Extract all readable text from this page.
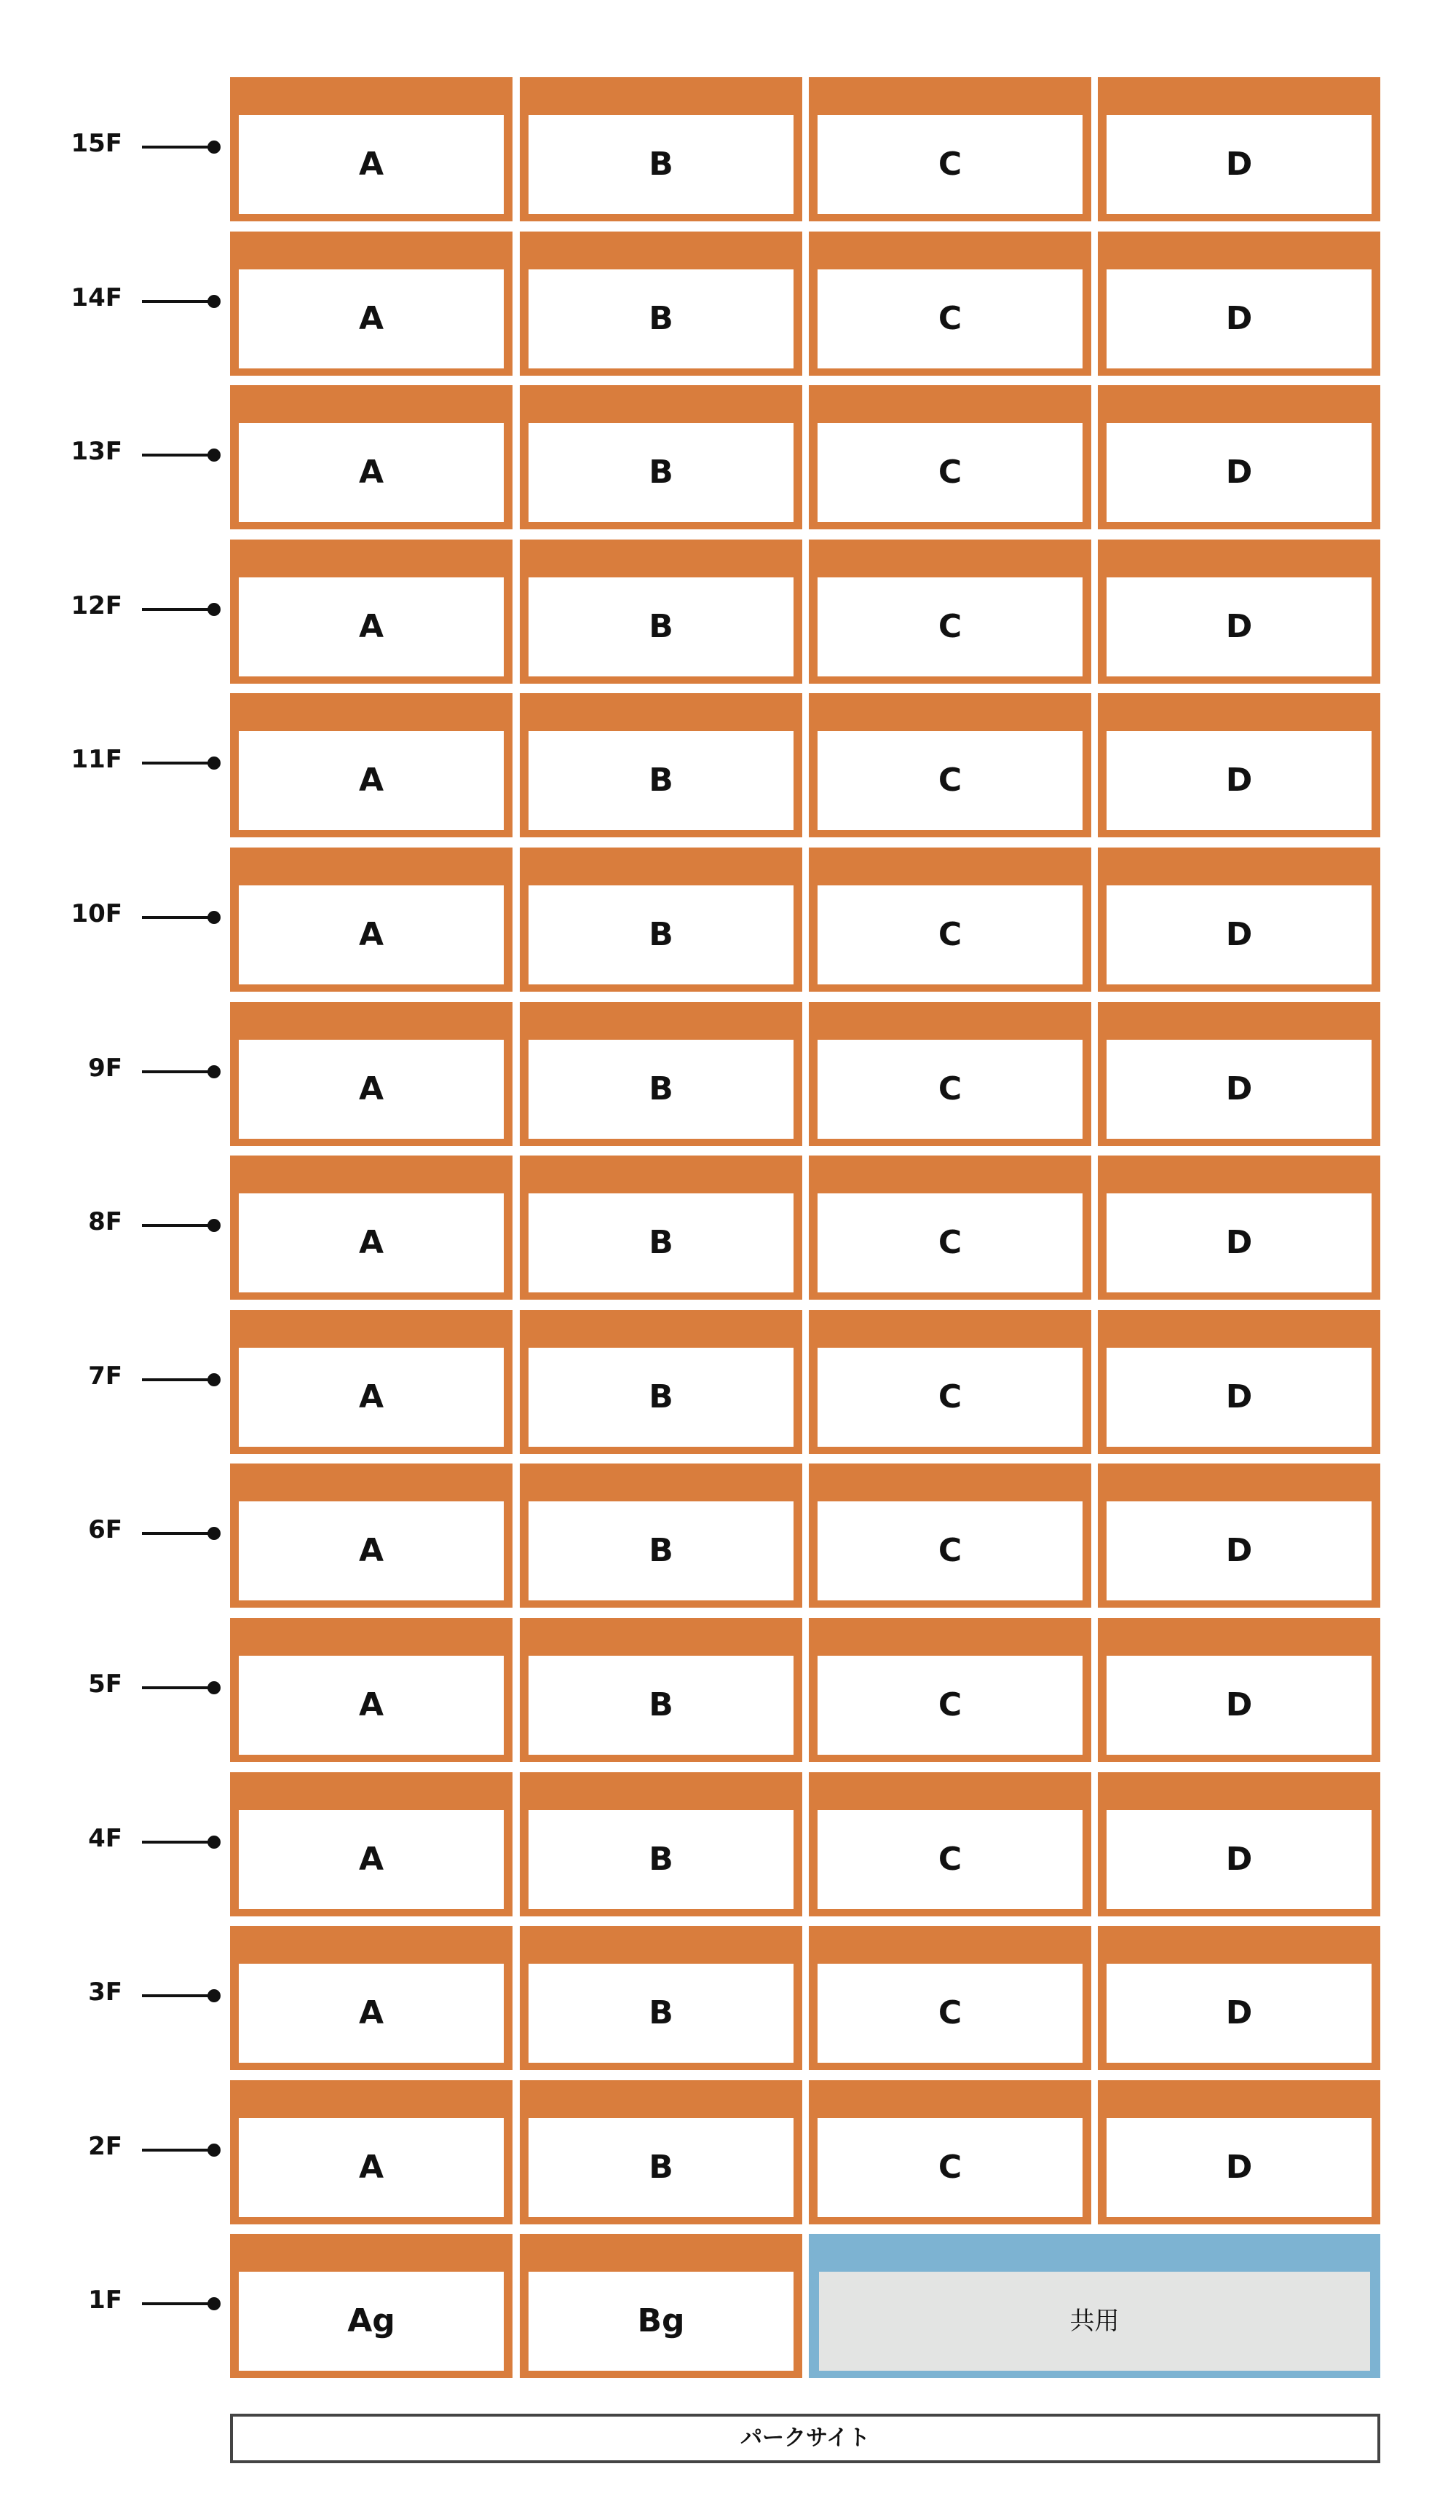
15F
A	B	C	D
14F
A	B	C	D
13F
A	B	C	D
12F
A	B	C	D
11F
A	B	C	D
10F
A	B	C	D
9F
A	B	C	D
8F
A	B	C	D
7F
A	B	C	D
6F
A	B	C	D
5F
A	B	C	D
4F
A	B	C	D
3F
A	B	C	D
2F
A	B	C	D
1F
Ag	Bg	共用
パークサイト
